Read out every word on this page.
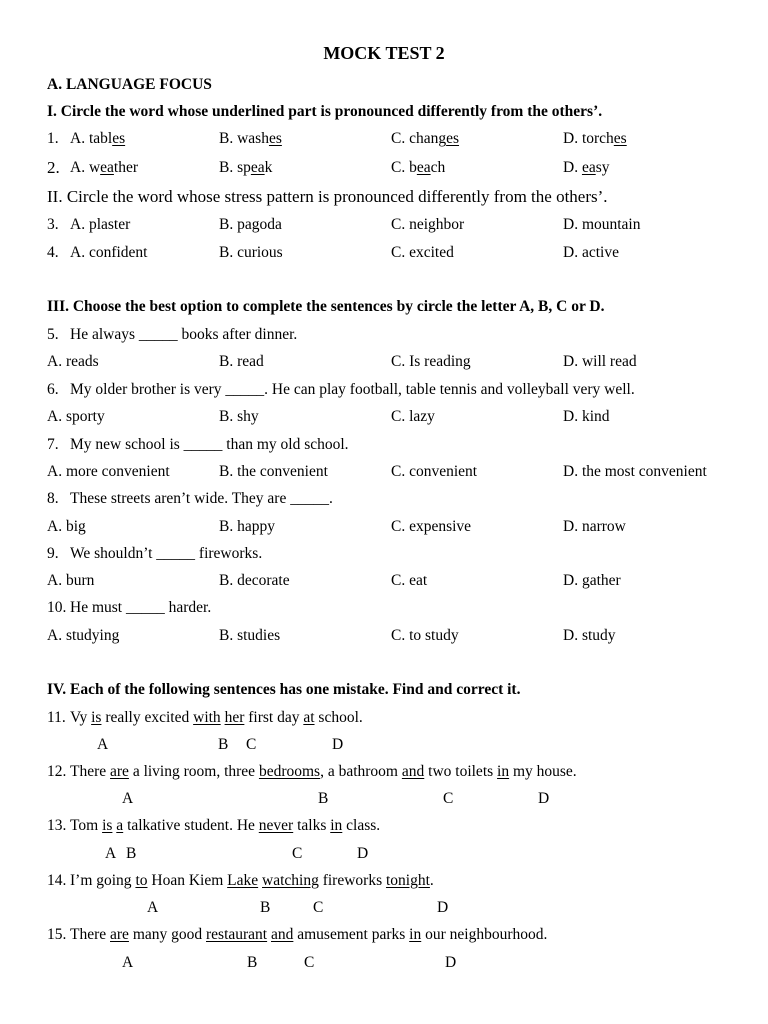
MOCK TEST 2
A. LANGUAGE FOCUS
I. Circle the word whose underlined part is pronounced differently from the others’.
1. A. tables	B. washes	C. changes	D. torches
2. A. weather	B. speak	C. beach	D. easy
II. Circle the word whose stress pattern is pronounced differently from the others’.
3. A. plaster	B. pagoda	C. neighbor	D. mountain
4. A. confident	B. curious	C. excited	D. active
III. Choose the best option to complete the sentences by circle the letter A, B, C or D.
5. He always _____ books after dinner.
A. reads	B. read	C. Is reading	D. will read
6. My older brother is very _____. He can play football, table tennis and volleyball very well.
A. sporty	B. shy	C. lazy	D. kind
7. My new school is _____ than my old school.
A. more convenient	B. the convenient	C. convenient	D. the most convenient
8. These streets aren’t wide. They are _____.
A. big	B. happy	C. expensive	D. narrow
9. We shouldn’t _____ fireworks.
A. burn	B. decorate	C. eat	D. gather
10. He must _____ harder.
A. studying	B. studies	C. to study	D. study
IV. Each of the following sentences has one mistake. Find and correct it.
11. Vy is really excited with her first day at school.
A	B C	D
12. There are a living room, three bedrooms, a bathroom and two toilets in my house.
A	B	C	D
13. Tom is a talkative student. He never talks in class.
A B	C	D
14. I’m going to Hoan Kiem Lake watching fireworks tonight.
A	B	C	D
15. There are many good restaurant and amusement parks in our neighbourhood.
A	B	C	D
